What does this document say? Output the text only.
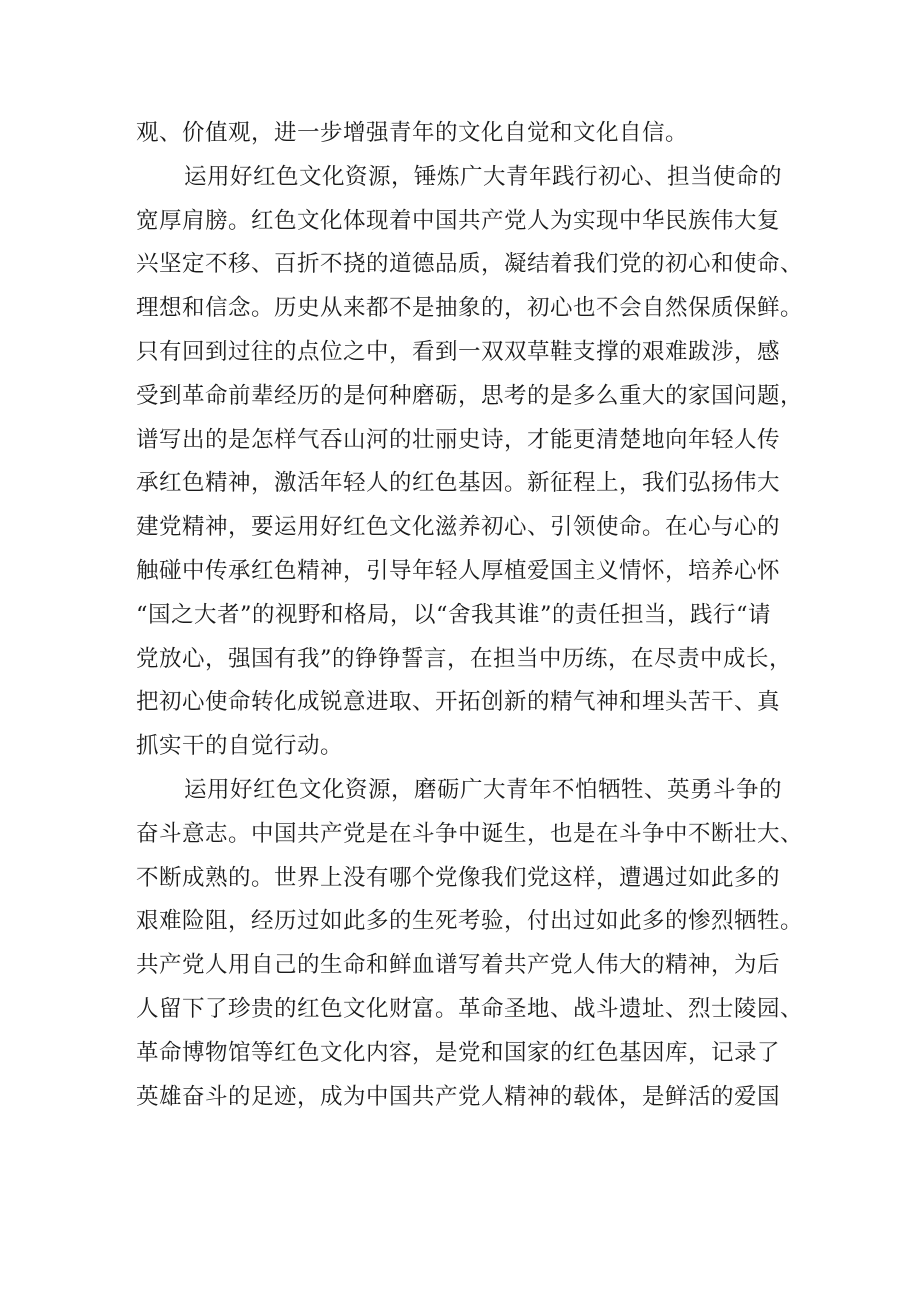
观、价值观，进一步增强青年的文化自觉和文化自信。
运用好红色文化资源，锤炼广大青年践行初心、担当使命的
宽厚肩膀。红色文化体现着中国共产党人为实现中华民族伟大复
兴坚定不移、百折不挠的道德品质，凝结着我们党的初心和使命、
理想和信念。历史从来都不是抽象的，初心也不会自然保质保鲜。
只有回到过往的点位之中，看到一双双草鞋支撑的艰难跋涉，感
受到革命前辈经历的是何种磨砺，思考的是多么重大的家国问题，
谱写出的是怎样气吞山河的壮丽史诗，才能更清楚地向年轻人传
承红色精神，激活年轻人的红色基因。新征程上，我们弘扬伟大
建党精神，要运用好红色文化滋养初心、引领使命。在心与心的
触碰中传承红色精神，引导年轻人厚植爱国主义情怀，培养心怀
“国之大者”的视野和格局，以“舍我其谁”的责任担当，践行“请
党放心，强国有我”的铮铮誓言，在担当中历练，在尽责中成长，
把初心使命转化成锐意进取、开拓创新的精气神和埋头苦干、真
抓实干的自觉行动。
运用好红色文化资源，磨砺广大青年不怕牺牲、英勇斗争的
奋斗意志。中国共产党是在斗争中诞生，也是在斗争中不断壮大、
不断成熟的。世界上没有哪个党像我们党这样，遭遇过如此多的
艰难险阻，经历过如此多的生死考验，付出过如此多的惨烈牺牲。
共产党人用自己的生命和鲜血谱写着共产党人伟大的精神，为后
人留下了珍贵的红色文化财富。革命圣地、战斗遗址、烈士陵园、
革命博物馆等红色文化内容，是党和国家的红色基因库，记录了
英雄奋斗的足迹，成为中国共产党人精神的载体，是鲜活的爱国
